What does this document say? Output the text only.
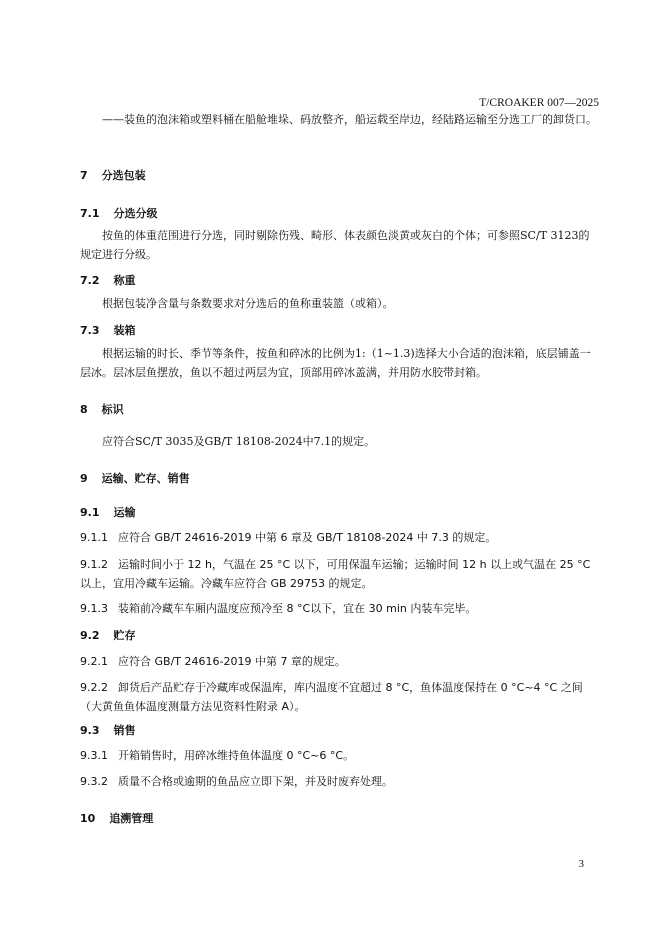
T/CROAKER 007—2025

——装鱼的泡沫箱或塑料桶在船舱堆垛、码放整齐，船运载至岸边，经陆路运输至分选工厂的卸货口。

7 分选包装
7.1 分选分级

按鱼的体重范围进行分选，同时剔除伤残、畸形、体表颜色淡黄或灰白的个体；可参照SC/T 3123的规定进行分级。

7.2 称重

根据包装净含量与条数要求对分选后的鱼称重装篮（或箱）。

7.3 装箱

根据运输的时长、季节等条件，按鱼和碎冰的比例为1:（1~1.3)选择大小合适的泡沫箱，底层铺盖一层冰。层冰层鱼摆放，鱼以不超过两层为宜，顶部用碎冰盖满，并用防水胶带封箱。

8 标识

应符合SC/T 3035及GB/T 18108-2024中7.1的规定。

9 运输、贮存、销售
9.1 运输

9.1.1 应符合 GB/T 24616-2019 中第 6 章及 GB/T 18108-2024 中 7.3 的规定。

9.1.2 运输时间小于 12 h，气温在 25 °C 以下，可用保温车运输；运输时间 12 h 以上或气温在 25 °C 以上，宜用冷藏车运输。冷藏车应符合 GB 29753 的规定。

9.1.3 装箱前冷藏车车厢内温度应预冷至 8 °C以下，宜在 30 min 内装车完毕。

9.2 贮存

9.2.1 应符合 GB/T 24616-2019 中第 7 章的规定。

9.2.2 卸货后产品贮存于冷藏库或保温库，库内温度不宜超过 8 °C，鱼体温度保持在 0 °C~4 °C 之间（大黄鱼鱼体温度测量方法见资料性附录 A）。

9.3 销售

9.3.1 开箱销售时，用碎冰维持鱼体温度 0 °C~6 °C。

9.3.2 质量不合格或逾期的鱼品应立即下架，并及时废弃处理。

10 追溯管理
3
